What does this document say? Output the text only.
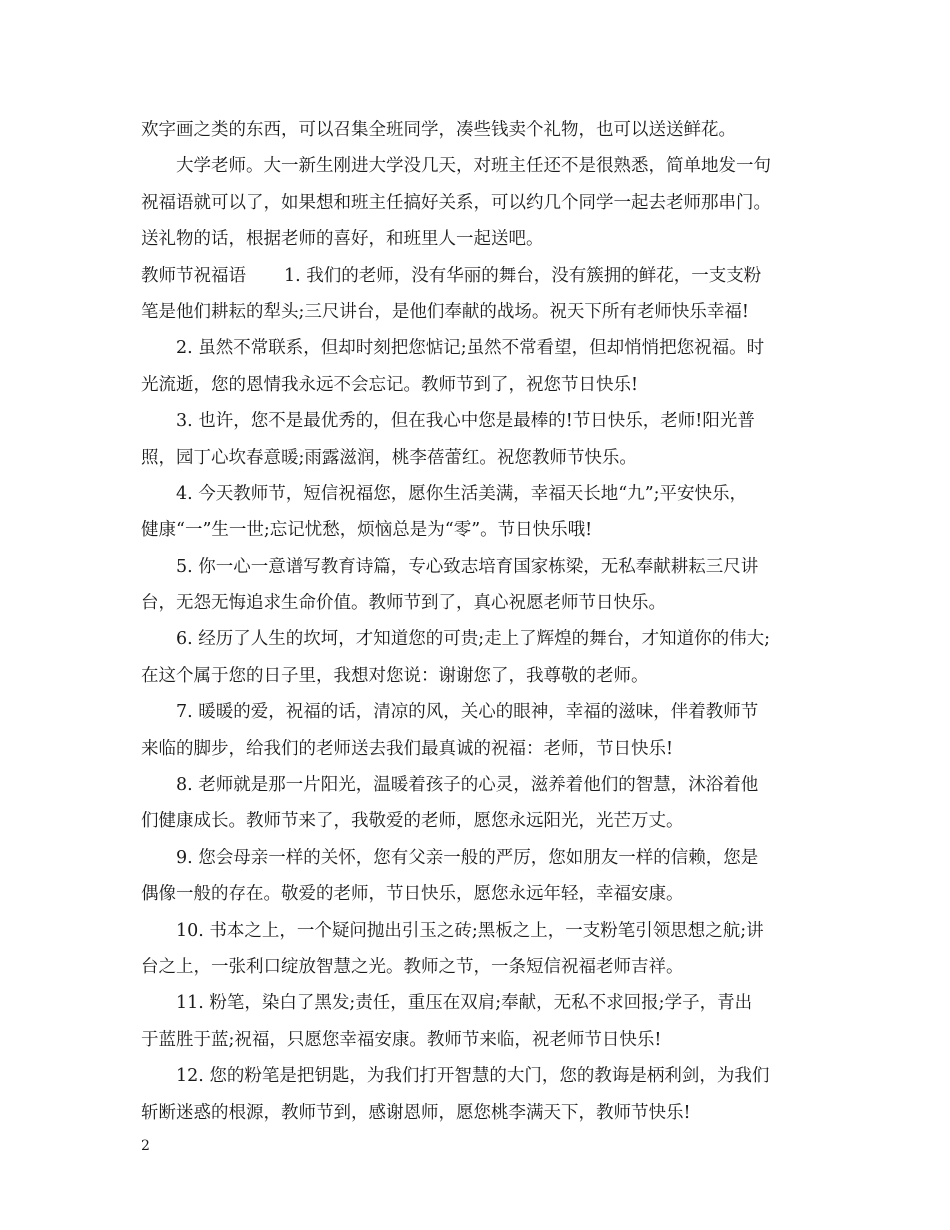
欢字画之类的东西，可以召集全班同学，凑些钱卖个礼物，也可以送送鲜花。
大学老师。大一新生刚进大学没几天，对班主任还不是很熟悉，简单地发一句
祝福语就可以了，如果想和班主任搞好关系，可以约几个同学一起去老师那串门。
送礼物的话，根据老师的喜好，和班里人一起送吧。
教师节祝福语 1. 我们的老师，没有华丽的舞台，没有簇拥的鲜花，一支支粉
笔是他们耕耘的犁头;三尺讲台，是他们奉献的战场。祝天下所有老师快乐幸福!
2. 虽然不常联系，但却时刻把您惦记;虽然不常看望，但却悄悄把您祝福。时
光流逝，您的恩情我永远不会忘记。教师节到了，祝您节日快乐!
3. 也许，您不是最优秀的，但在我心中您是最棒的!节日快乐，老师!阳光普
照，园丁心坎春意暖;雨露滋润，桃李蓓蕾红。祝您教师节快乐。
4. 今天教师节，短信祝福您，愿你生活美满，幸福天长地“九”;平安快乐，
健康“一”生一世;忘记忧愁，烦恼总是为“零”。节日快乐哦!
5. 你一心一意谱写教育诗篇，专心致志培育国家栋梁，无私奉献耕耘三尺讲
台，无怨无悔追求生命价值。教师节到了，真心祝愿老师节日快乐。
6. 经历了人生的坎坷，才知道您的可贵;走上了辉煌的舞台，才知道你的伟大;
在这个属于您的日子里，我想对您说：谢谢您了，我尊敬的老师。
7. 暖暖的爱，祝福的话，清凉的风，关心的眼神，幸福的滋味，伴着教师节
来临的脚步，给我们的老师送去我们最真诚的祝福：老师，节日快乐!
8. 老师就是那一片阳光，温暖着孩子的心灵，滋养着他们的智慧，沐浴着他
们健康成长。教师节来了，我敬爱的老师，愿您永远阳光，光芒万丈。
9. 您会母亲一样的关怀，您有父亲一般的严厉，您如朋友一样的信赖，您是
偶像一般的存在。敬爱的老师，节日快乐，愿您永远年轻，幸福安康。
10. 书本之上，一个疑问抛出引玉之砖;黑板之上，一支粉笔引领思想之航;讲
台之上，一张利口绽放智慧之光。教师之节，一条短信祝福老师吉祥。
11. 粉笔，染白了黑发;责任，重压在双肩;奉献，无私不求回报;学子，青出
于蓝胜于蓝;祝福，只愿您幸福安康。教师节来临，祝老师节日快乐!
12. 您的粉笔是把钥匙，为我们打开智慧的大门，您的教诲是柄利剑，为我们
斩断迷惑的根源，教师节到，感谢恩师，愿您桃李满天下，教师节快乐!
2
